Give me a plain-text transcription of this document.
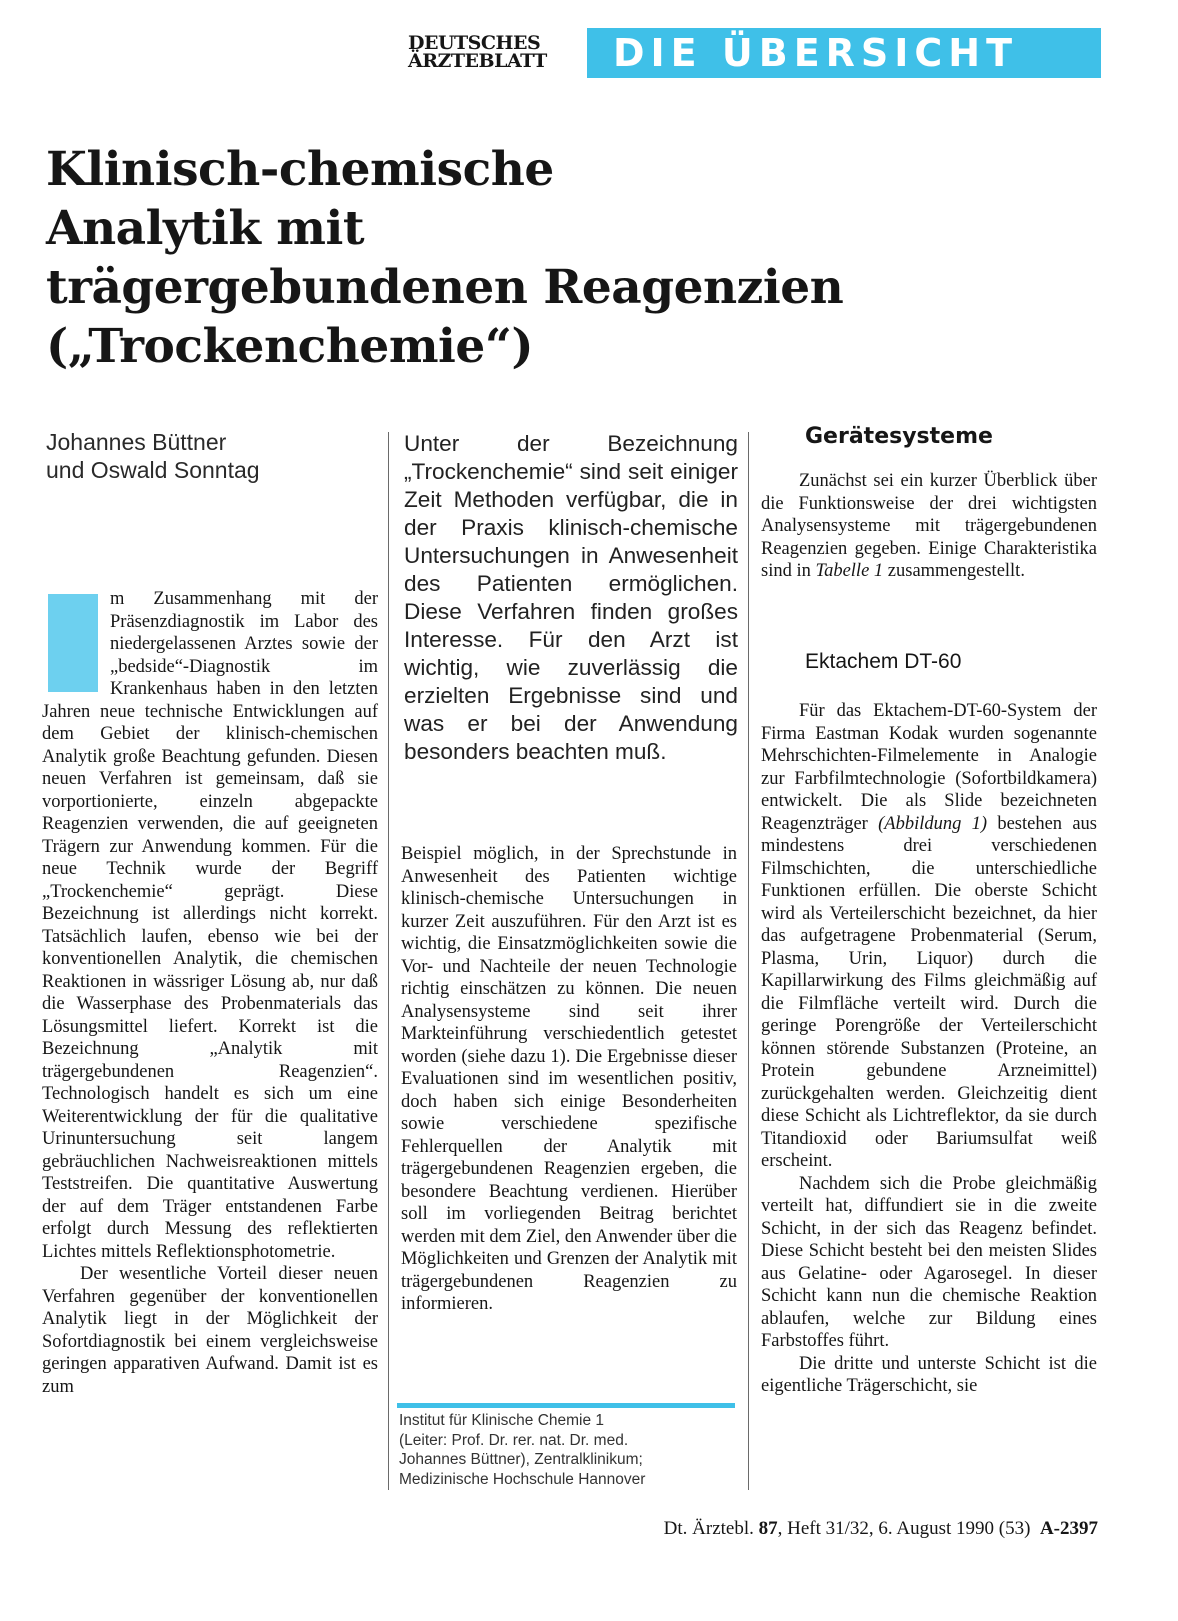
DEUTSCHES
ÄRZTEBLATT	DIE ÜBERSICHT
Klinisch-chemische
Analytik mit
trägergebundenen Reagenzien
(„Trockenchemie“)
Johannes Büttner
und Oswald Sonntag
Unter der Bezeichnung „Trockenchemie“ sind seit einiger Zeit Methoden verfügbar, die in der Praxis klinisch-chemische Untersuchungen in Anwesenheit des Patienten ermöglichen. Diese Verfahren finden großes Interesse. Für den Arzt ist wichtig, wie zuverlässig die erzielten Ergebnisse sind und was er bei der Anwendung besonders beachten muß.

m Zusammenhang mit der Präsenzdiagnostik im Labor des niedergelassenen Arztes sowie der „bedside“-Diagnostik im Krankenhaus haben in den letzten Jahren neue technische Entwicklungen auf dem Gebiet der klinisch-chemischen Analytik große Beachtung gefunden. Diesen neuen Verfahren ist gemeinsam, daß sie vorportionierte, einzeln abgepackte Reagenzien verwenden, die auf geeigneten Trägern zur Anwendung kommen. Für die neue Technik wurde der Begriff „Trockenchemie“ geprägt. Diese Bezeichnung ist allerdings nicht korrekt. Tatsächlich laufen, ebenso wie bei der konventionellen Analytik, die chemischen Reaktionen in wässriger Lösung ab, nur daß die Wasserphase des Probenmaterials das Lösungsmittel liefert. Korrekt ist die Bezeichnung „Analytik mit trägergebundenen Reagenzien“. Technologisch handelt es sich um eine Weiterentwicklung der für die qualitative Urinuntersuchung seit langem gebräuchlichen Nachweisreaktionen mittels Teststreifen. Die quantitative Auswertung der auf dem Träger entstandenen Farbe erfolgt durch Messung des reflektierten Lichtes mittels Reflektionsphotometrie.

Der wesentliche Vorteil dieser neuen Verfahren gegenüber der konventionellen Analytik liegt in der Möglichkeit der Sofortdiagnostik bei einem vergleichsweise geringen apparativen Aufwand. Damit ist es zum

Beispiel möglich, in der Sprechstunde in Anwesenheit des Patienten wichtige klinisch-chemische Untersuchungen in kurzer Zeit auszuführen. Für den Arzt ist es wichtig, die Einsatzmöglichkeiten sowie die Vor- und Nachteile der neuen Technologie richtig einschätzen zu können. Die neuen Analysensysteme sind seit ihrer Markteinführung verschiedentlich getestet worden (siehe dazu 1). Die Ergebnisse dieser Evaluationen sind im wesentlichen positiv, doch haben sich einige Besonderheiten sowie verschiedene spezifische Fehlerquellen der Analytik mit trägergebundenen Reagenzien ergeben, die besondere Beachtung verdienen. Hierüber soll im vorliegenden Beitrag berichtet werden mit dem Ziel, den Anwender über die Möglichkeiten und Grenzen der Analytik mit trägergebundenen Reagenzien zu informieren.

Gerätesysteme

Zunächst sei ein kurzer Überblick über die Funktionsweise der drei wichtigsten Analysensysteme mit trägergebundenen Reagenzien gegeben. Einige Charakteristika sind in Tabelle 1 zusammengestellt.

Ektachem DT-60

Für das Ektachem-DT-60-System der Firma Eastman Kodak wurden sogenannte Mehrschichten-Filmelemente in Analogie zur Farbfilmtechnologie (Sofortbildkamera) entwickelt. Die als Slide bezeichneten Reagenzträger (Abbildung 1) bestehen aus mindestens drei verschiedenen Filmschichten, die unterschiedliche Funktionen erfüllen. Die oberste Schicht wird als Verteilerschicht bezeichnet, da hier das aufgetragene Probenmaterial (Serum, Plasma, Urin, Liquor) durch die Kapillarwirkung des Films gleichmäßig auf die Filmfläche verteilt wird. Durch die geringe Porengröße der Verteilerschicht können störende Substanzen (Proteine, an Protein gebundene Arzneimittel) zurückgehalten werden. Gleichzeitig dient diese Schicht als Lichtreflektor, da sie durch Titandioxid oder Bariumsulfat weiß erscheint.

Nachdem sich die Probe gleichmäßig verteilt hat, diffundiert sie in die zweite Schicht, in der sich das Reagenz befindet. Diese Schicht besteht bei den meisten Slides aus Gelatine- oder Agarosegel. In dieser Schicht kann nun die chemische Reaktion ablaufen, welche zur Bildung eines Farbstoffes führt.

Die dritte und unterste Schicht ist die eigentliche Trägerschicht, sie

Institut für Klinische Chemie 1
(Leiter: Prof. Dr. rer. nat. Dr. med.
Johannes Büttner), Zentralklinikum;
Medizinische Hochschule Hannover
Dt. Ärztebl. 87, Heft 31/32, 6. August 1990 (53) A-2397
